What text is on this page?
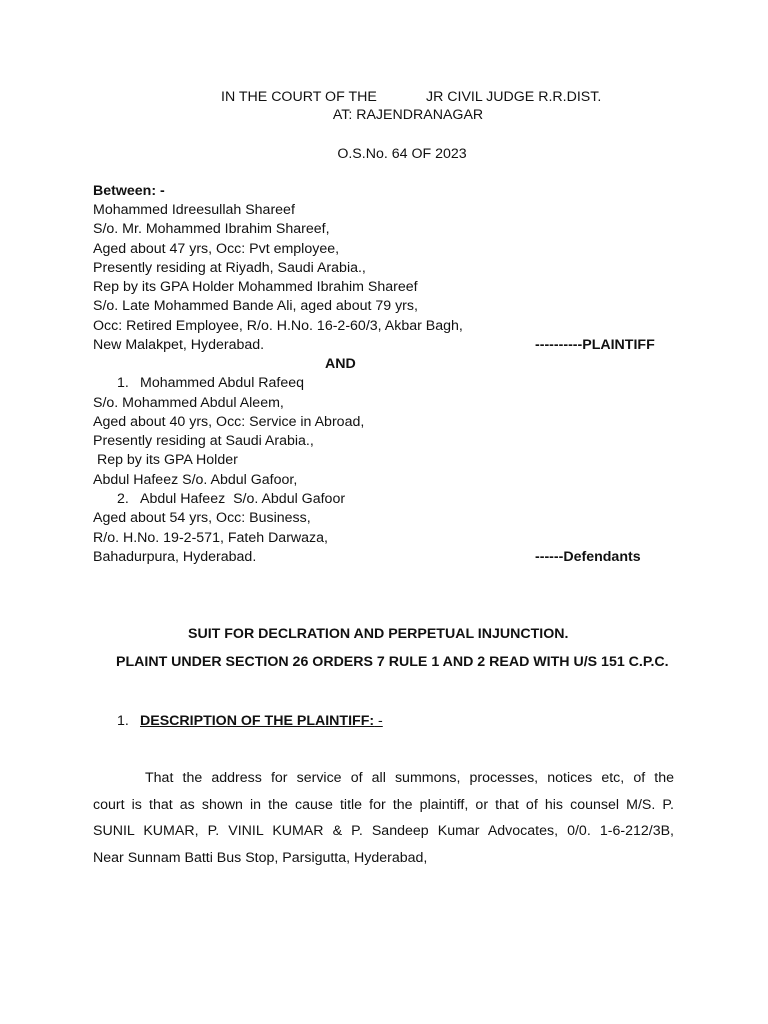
IN THE COURT OF THE	JR CIVIL JUDGE R.R.DIST.
AT: RAJENDRANAGAR
O.S.No. 64 OF 2023
Between: -
Mohammed Idreesullah Shareef
S/o. Mr. Mohammed Ibrahim Shareef,
Aged about 47 yrs, Occ: Pvt employee,
Presently residing at Riyadh, Saudi Arabia.,
Rep by its GPA Holder Mohammed Ibrahim Shareef
S/o. Late Mohammed Bande Ali, aged about 79 yrs,
Occ: Retired Employee, R/o. H.No. 16-2-60/3, Akbar Bagh,
New Malakpet, Hyderabad.	----------PLAINTIFF
AND
1. Mohammed Abdul Rafeeq
S/o. Mohammed Abdul Aleem,
Aged about 40 yrs, Occ: Service in Abroad,
Presently residing at Saudi Arabia.,
Rep by its GPA Holder
Abdul Hafeez S/o. Abdul Gafoor,
2. Abdul Hafeez  S/o. Abdul Gafoor
Aged about 54 yrs, Occ: Business,
R/o. H.No. 19-2-571, Fateh Darwaza,
Bahadurpura, Hyderabad.	------Defendants
SUIT FOR DECLRATION AND PERPETUAL INJUNCTION.
PLAINT UNDER SECTION 26 ORDERS 7 RULE 1 AND 2 READ WITH U/S 151 C.P.C.
1. DESCRIPTION OF THE PLAINTIFF: -
That the address for service of all summons, processes, notices etc, of the
court is that as shown in the cause title for the plaintiff, or that of his counsel M/S. P.
SUNIL KUMAR, P. VINIL KUMAR & P. Sandeep Kumar Advocates, 0/0. 1-6-212/3B,
Near Sunnam Batti Bus Stop, Parsigutta, Hyderabad,
